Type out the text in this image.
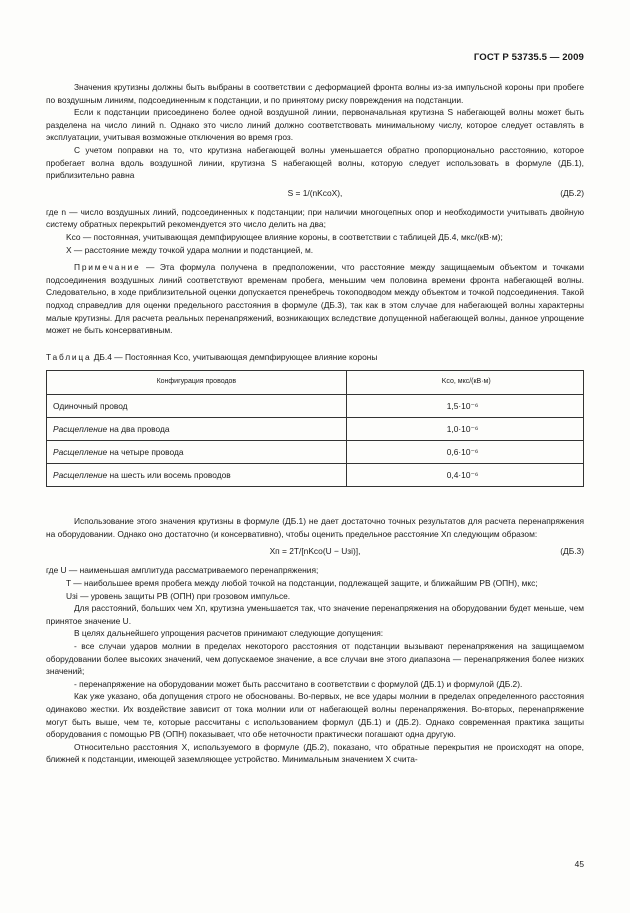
ГОСТ Р 53735.5 — 2009

Значения крутизны должны быть выбраны в соответствии с деформацией фронта волны из-за импульсной короны при пробеге по воздушным линиям, подсоединенным к подстанции, и по принятому риску повреждения на подстанции.

Если к подстанции присоединено более одной воздушной линии, первоначальная крутизна S набегающей волны может быть разделена на число линий n. Однако это число линий должно соответствовать минимальному числу, которое следует оставлять в эксплуатации, учитывая возможные отключения во время гроз.

С учетом поправки на то, что крутизна набегающей волны уменьшается обратно пропорционально расстоянию, которое пробегает волна вдоль воздушной линии, крутизна S набегающей волны, которую следует использовать в формуле (ДБ.1), приблизительно равна

S = 1/(nKсоX),	(ДБ.2)

где n — число воздушных линий, подсоединенных к подстанции; при наличии многоцепных опор и необходимости учитывать двойную систему обратных перекрытий рекомендуется это число делить на два;

Kсо — постоянная, учитывающая демпфирующее влияние короны, в соответствии с таблицей ДБ.4, мкс/(кВ·м);

X — расстояние между точкой удара молнии и подстанцией, м.

Примечание — Эта формула получена в предположении, что расстояние между защищаемым объектом и точками подсоединения воздушных линий соответствуют временам пробега, меньшим чем половина времени фронта набегающей волны. Следовательно, в ходе приблизительной оценки допускается пренебречь токоподводом между объектом и точкой подсоединения. Такой подход справедлив для оценки предельного расстояния в формуле (ДБ.3), так как в этом случае для набегающей волны характерны малые крутизны. Для расчета реальных перенапряжений, возникающих вследствие допущенной набегающей волны, данное упрощение может не быть консервативным.

Таблица ДБ.4 — Постоянная Kсо, учитывающая демпфирующее влияние короны

Конфигурация проводов	Kсо, мкс/(кВ·м)
Одиночный провод	1,5·10⁻⁶
Расщепление на два провода	1,0·10⁻⁶
Расщепление на четыре провода	0,6·10⁻⁶
Расщепление на шесть или восемь проводов	0,4·10⁻⁶

Использование этого значения крутизны в формуле (ДБ.1) не дает достаточно точных результатов для расчета перенапряжения на оборудовании. Однако оно достаточно (и консервативно), чтобы оценить предельное расстояние Xп следующим образом:

Xп = 2T/[nKсо(U − Uзi)],	(ДБ.3)

где U — наименьшая амплитуда рассматриваемого перенапряжения;

T — наибольшее время пробега между любой точкой на подстанции, подлежащей защите, и ближайшим РВ (ОПН), мкс;

Uзi — уровень защиты РВ (ОПН) при грозовом импульсе.

Для расстояний, больших чем Xп, крутизна уменьшается так, что значение перенапряжения на оборудовании будет меньше, чем принятое значение U.

В целях дальнейшего упрощения расчетов принимают следующие допущения:

- все случаи ударов молнии в пределах некоторого расстояния от подстанции вызывают перенапряжения на защищаемом оборудовании более высоких значений, чем допускаемое значение, а все случаи вне этого диапазона — перенапряжения более низких значений;

- перенапряжение на оборудовании может быть рассчитано в соответствии с формулой (ДБ.1) и формулой (ДБ.2).

Как уже указано, оба допущения строго не обоснованы. Во-первых, не все удары молнии в пределах определенного расстояния одинаково жестки. Их воздействие зависит от тока молнии или от набегающей волны перенапряжения. Во-вторых, перенапряжение могут быть выше, чем те, которые рассчитаны с использованием формул (ДБ.1) и (ДБ.2). Однако современная практика защиты оборудования с помощью РВ (ОПН) показывает, что обе неточности практически погашают одна другую.

Относительно расстояния X, используемого в формуле (ДБ.2), показано, что обратные перекрытия не происходят на опоре, ближней к подстанции, имеющей заземляющее устройство. Минимальным значением X счита-

45
